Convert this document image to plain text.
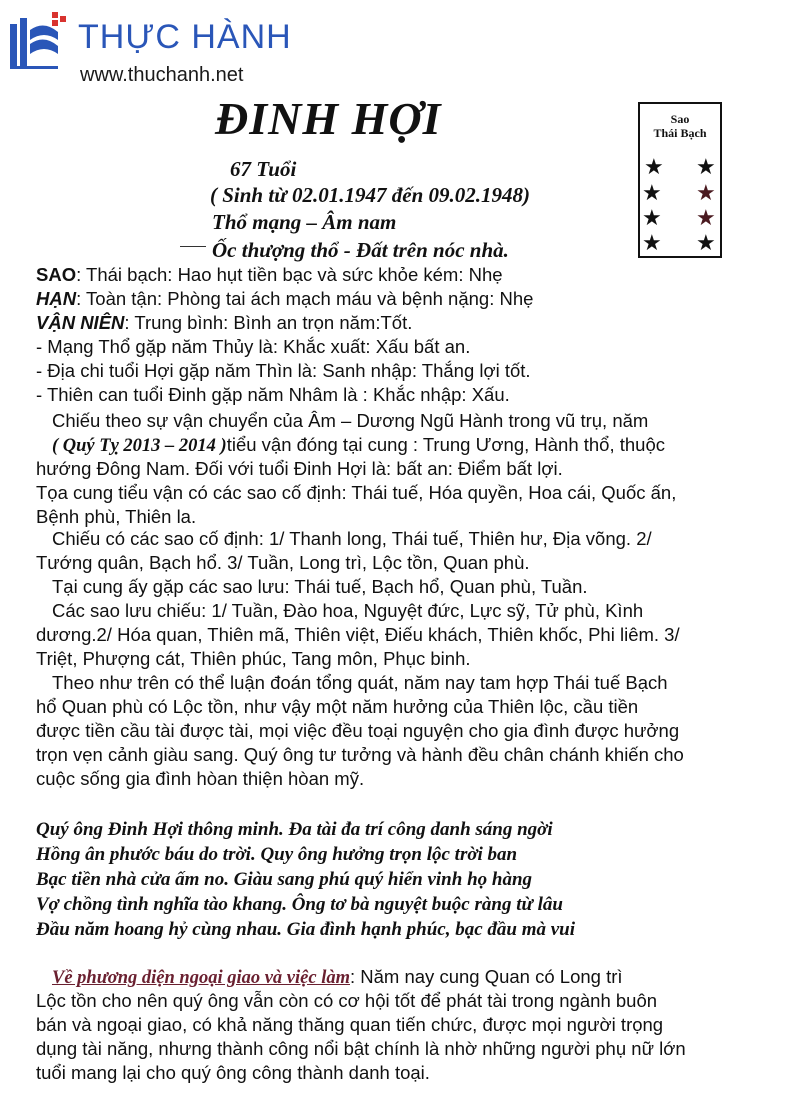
THỰC HÀNH
www.thuchanh.net
ĐINH HỢI
67 Tuổi
( Sinh từ 02.01.1947 đến 09.02.1948)
Thổ mạng – Âm nam
Ốc thượng thổ - Đất trên nóc nhà.
Sao
Thái Bạch
★ ★
★ ★
★ ★
★ ★
SAO: Thái bạch: Hao hụt tiền bạc và sức khỏe kém: Nhẹ
HẠN: Toàn tận: Phòng tai ách mạch máu và bệnh nặng: Nhẹ
VẬN NIÊN: Trung bình: Bình an trọn năm:Tốt.
- Mạng Thổ gặp năm Thủy là: Khắc xuất: Xấu bất an.
- Địa chi tuổi Hợi gặp năm Thìn là: Sanh nhập: Thắng lợi tốt.
- Thiên can tuổi Đinh gặp năm Nhâm là : Khắc nhập: Xấu.
Chiếu theo sự vận chuyển của Âm – Dương Ngũ Hành trong vũ trụ, năm
( Quý Tỵ 2013 – 2014 )tiểu vận đóng tại cung : Trung Ương, Hành thổ, thuộc
hướng Đông Nam. Đối với tuổi Đinh Hợi là: bất an: Điểm bất lợi.
Tọa cung tiểu vận có các sao cố định: Thái tuế, Hóa quyền, Hoa cái, Quốc ấn,
Bệnh phù, Thiên la.
Chiếu có các sao cố định: 1/ Thanh long, Thái tuế, Thiên hư, Địa võng. 2/
Tướng quân, Bạch hổ. 3/ Tuần, Long trì, Lộc tồn, Quan phù.
Tại cung ấy gặp các sao lưu: Thái tuế, Bạch hổ, Quan phù, Tuần.
Các sao lưu chiếu: 1/ Tuần, Đào hoa, Nguyệt đức, Lực sỹ, Tử phù, Kình
dương.2/ Hóa quan, Thiên mã, Thiên việt, Điếu khách, Thiên khốc, Phi liêm. 3/
Triệt, Phượng cát, Thiên phúc, Tang môn, Phục binh.
Theo như trên có thể luận đoán tổng quát, năm nay tam hợp Thái tuế Bạch
hổ Quan phù có Lộc tồn, như vậy một năm hưởng của Thiên lộc, cầu tiền
được tiền cầu tài được tài, mọi việc đều toại nguyện cho gia đình được hưởng
trọn vẹn cảnh giàu sang. Quý ông tư tưởng và hành đều chân chánh khiến cho
cuộc sống gia đình hòan thiện hòan mỹ.
Quý ông Đinh Hợi thông minh. Đa tài đa trí công danh sáng ngời
Hồng ân phước báu do trời. Quy ông hưởng trọn lộc trời ban
Bạc tiền nhà cửa ấm no. Giàu sang phú quý hiển vinh họ hàng
Vợ chồng tình nghĩa tào khang. Ông tơ bà nguyệt buộc ràng từ lâu
Đầu năm hoang hỷ cùng nhau. Gia đình hạnh phúc, bạc đầu mà vui
Về phương diện ngoại giao và việc làm: Năm nay cung Quan có Long trì
Lộc tồn cho nên quý ông vẫn còn có cơ hội tốt để phát tài trong ngành buôn
bán và ngoại giao, có khả năng thăng quan tiến chức, được mọi người trọng
dụng tài năng, nhưng thành công nổi bật chính là nhờ những người phụ nữ lớn
tuổi mang lại cho quý ông công thành danh toại.
